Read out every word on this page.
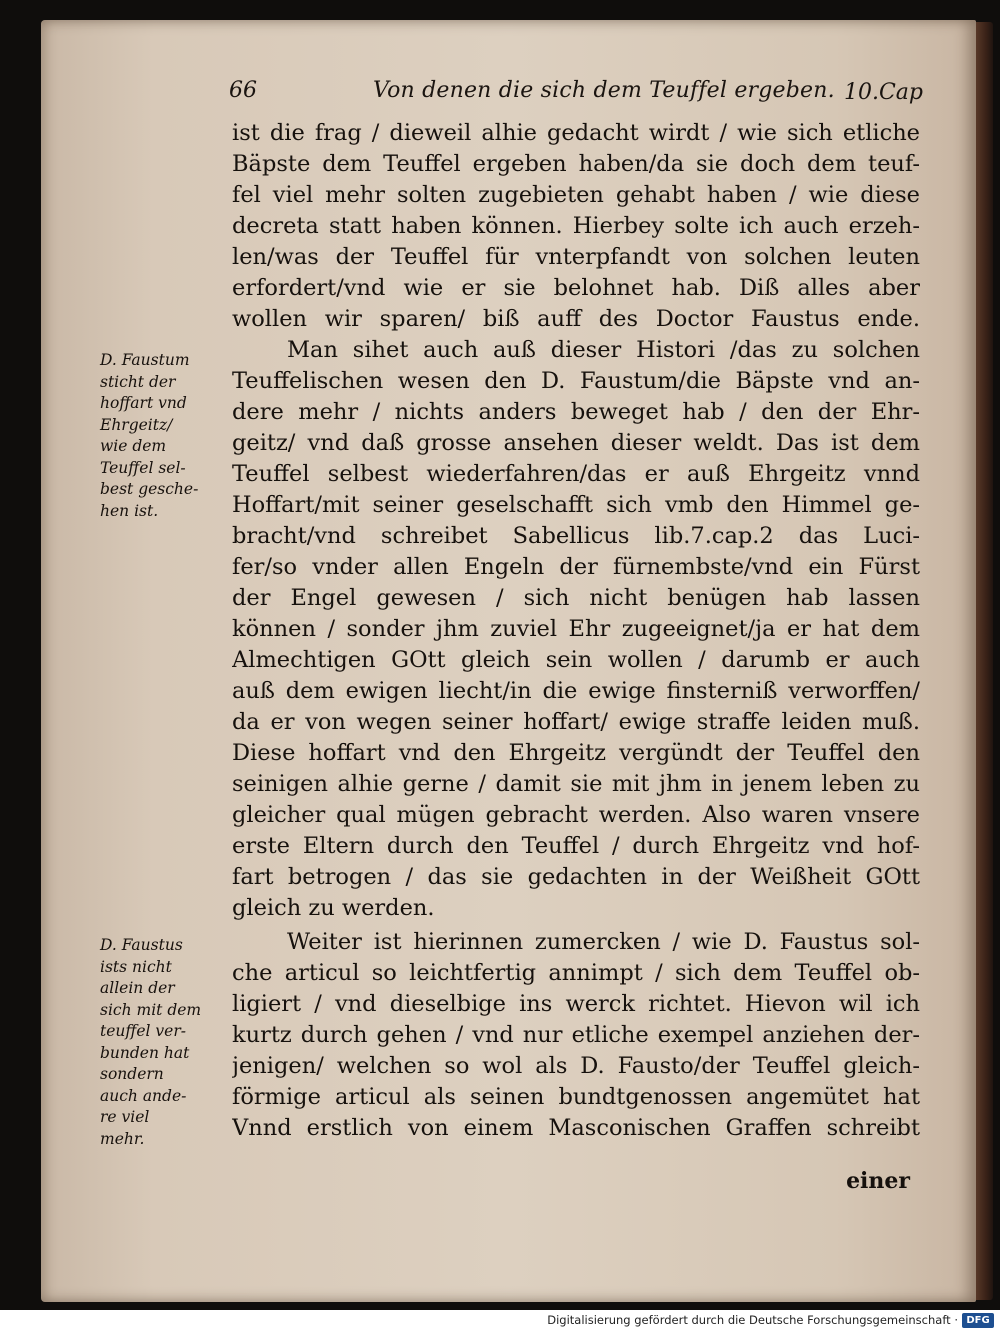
66	Von denen die sich dem Teuffel ergeben. 10.Cap
ist die frag / dieweil alhie gedacht wirdt / wie sich etliche
Bäpste dem Teuffel ergeben haben/da sie doch dem teuf-
fel viel mehr solten zugebieten gehabt haben / wie diese
decreta statt haben können. Hierbey solte ich auch erzeh-
len/was der Teuffel für vnterpfandt von solchen leuten
erfordert/vnd wie er sie belohnet hab. Diß alles aber
wollen wir sparen/ biß auff des Doctor Faustus ende.
Man sihet auch auß dieser Histori /das zu solchen
Teuffelischen wesen den D. Faustum/die Bäpste vnd an-
dere mehr / nichts anders beweget hab / den der Ehr-
geitz/ vnd daß grosse ansehen dieser weldt. Das ist dem
Teuffel selbest wiederfahren/das er auß Ehrgeitz vnnd
Hoffart/mit seiner geselschafft sich vmb den Himmel ge-
bracht/vnd schreibet Sabellicus lib.7.cap.2 das Luci-
fer/so vnder allen Engeln der fürnembste/vnd ein Fürst
der Engel gewesen / sich nicht benügen hab lassen
können / sonder jhm zuviel Ehr zugeeignet/ja er hat dem
Almechtigen GOtt gleich sein wollen / darumb er auch
auß dem ewigen liecht/in die ewige finsterniß verworffen/
da er von wegen seiner hoffart/ ewige straffe leiden muß.
Diese hoffart vnd den Ehrgeitz vergündt der Teuffel den
seinigen alhie gerne / damit sie mit jhm in jenem leben zu
gleicher qual mügen gebracht werden. Also waren vnsere
erste Eltern durch den Teuffel / durch Ehrgeitz vnd hof-
fart betrogen / das sie gedachten in der Weißheit GOtt
gleich zu werden.
Weiter ist hierinnen zumercken / wie D. Faustus sol-
che articul so leichtfertig annimpt / sich dem Teuffel ob-
ligiert / vnd dieselbige ins werck richtet. Hievon wil ich
kurtz durch gehen / vnd nur etliche exempel anziehen der-
jenigen/ welchen so wol als D. Fausto/der Teuffel gleich-
förmige articul als seinen bundtgenossen angemütet hat
Vnnd erstlich von einem Masconischen Graffen schreibt
einer
D. Faustum
sticht der
hoffart vnd
Ehrgeitz/
wie dem
Teuffel sel-
best gesche-
hen ist.
D. Faustus
ists nicht
allein der
sich mit dem
teuffel ver-
bunden hat
sondern
auch ande-
re viel
mehr.
Digitalisierung gefördert durch die Deutsche Forschungsgemeinschaft · DFG
